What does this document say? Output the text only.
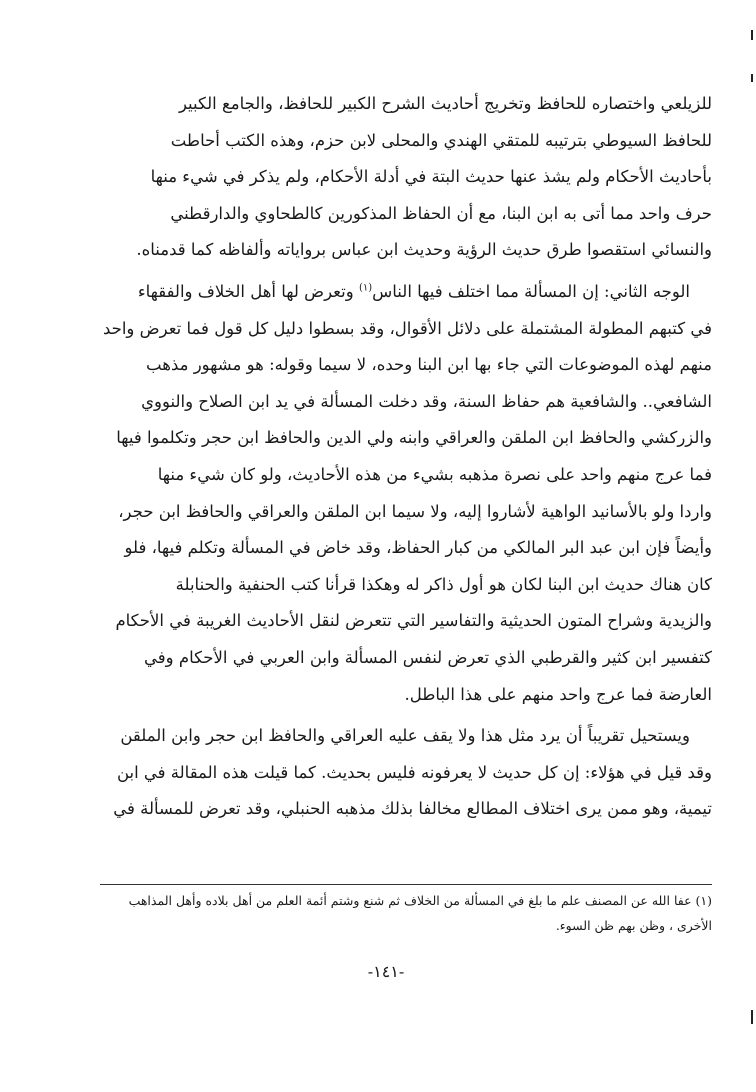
للزيلعي واختصاره للحافظ وتخريج أحاديث الشرح الكبير للحافظ، والجامع الكبير

للحافظ السيوطي بترتيبه للمتقي الهندي والمحلى لابن حزم، وهذه الكتب أحاطت

بأحاديث الأحكام ولم يشذ عنها حديث البتة في أدلة الأحكام، ولم يذكر في شيء منها

حرف واحد مما أتى به ابن البنا، مع أن الحفاظ المذكورين كالطحاوي والدارقطني

والنسائي استقصوا طرق حديث الرؤية وحديث ابن عباس برواياته وألفاظه كما قدمناه.

الوجه الثاني: إن المسألة مما اختلف فيها الناس$^{(١)}$ وتعرض لها أهل الخلاف والفقهاء

في كتبهم المطولة المشتملة على دلائل الأقوال، وقد بسطوا دليل كل قول فما تعرض واحد

منهم لهذه الموضوعات التي جاء بها ابن البنا وحده، لا سيما وقوله: هو مشهور مذهب

الشافعي.. والشافعية هم حفاظ السنة، وقد دخلت المسألة في يد ابن الصلاح والنووي

والزركشي والحافظ ابن الملقن والعراقي وابنه ولي الدين والحافظ ابن حجر وتكلموا فيها

فما عرج منهم واحد على نصرة مذهبه بشيء من هذه الأحاديث، ولو كان شيء منها

واردا ولو بالأسانيد الواهية لأشاروا إليه، ولا سيما ابن الملقن والعراقي والحافظ ابن حجر،

وأيضاً فإن ابن عبد البر المالكي من كبار الحفاظ، وقد خاض في المسألة وتكلم فيها، فلو

كان هناك حديث ابن البنا لكان هو أول ذاكر له وهكذا قرأنا كتب الحنفية والحنابلة

والزيدية وشراح المتون الحديثية والتفاسير التي تتعرض لنقل الأحاديث الغريبة في الأحكام

كتفسير ابن كثير والقرطبي الذي تعرض لنفس المسألة وابن العربي في الأحكام وفي

العارضة فما عرج واحد منهم على هذا الباطل.

ويستحيل تقريباً أن يرد مثل هذا ولا يقف عليه العراقي والحافظ ابن حجر وابن الملقن

وقد قيل في هؤلاء: إن كل حديث لا يعرفونه فليس بحديث. كما قيلت هذه المقالة في ابن

تيمية، وهو ممن يرى اختلاف المطالع مخالفا بذلك مذهبه الحنبلي، وقد تعرض للمسألة في

(١) عفا الله عن المصنف علم ما بلغ في المسألة من الخلاف ثم شنع وشتم أئمة العلم من أهل بلاده وأهل المذاهب

الأخرى ، وظن بهم ظن السوء.

-١٤١-
